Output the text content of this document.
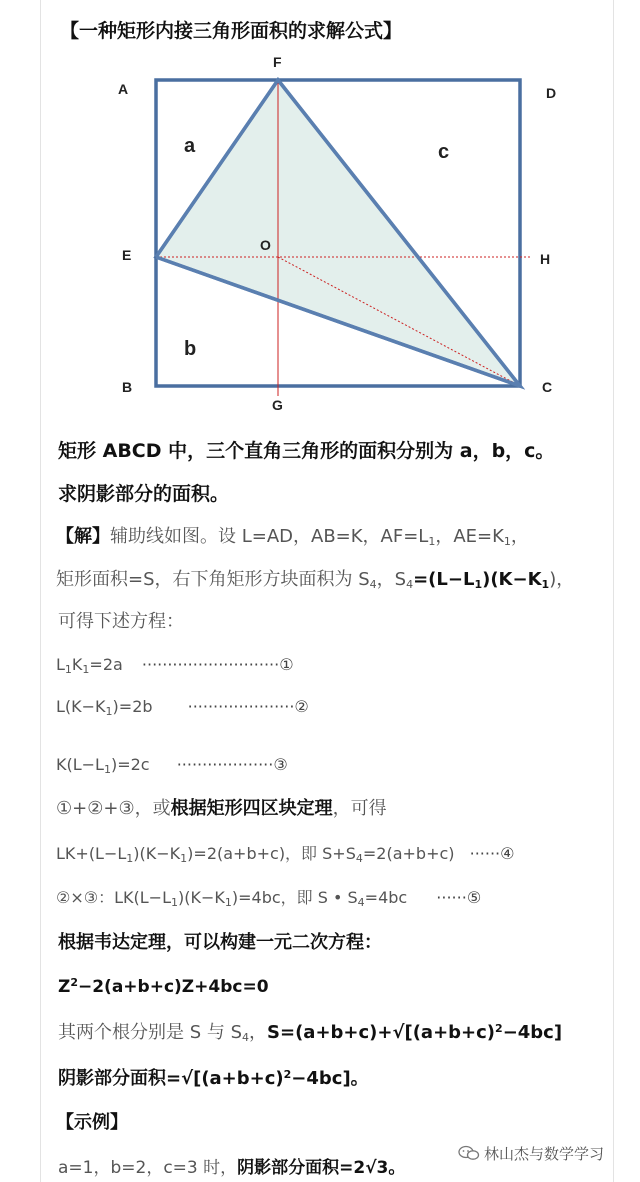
【一种矩形内接三角形面积的求解公式】
A
F
D
E
O
H
B
G
C
a	c
b
矩形 ABCD 中，三个直角三角形的面积分别为 a，b，c。
求阴影部分的面积。
【解】辅助线如图。设 L=AD，AB=K，$AF=L_1$，$AE=K_1$，
矩形面积=S，右下角矩形方块面积为 $S_4$，$S_4=(L-L_1)(K-K_1)$，
可得下述方程：
$L_1K_1=2a$ ···························①
$L(K-K_1)=2b$ ·····················②
$K(L-L_1)=2c$ ···················③
①+②+③，或根据矩形四区块定理，可得
$LK+(L-L_1)(K-K_1)=2(a+b+c)$，即 $S+S_4=2(a+b+c)$ ······④
②×③：$LK(L-L_1)(K-K_1)=4bc$，即 S • $S_4=4bc$ ······⑤
根据韦达定理，可以构建一元二次方程：
$Z^2-2(a+b+c)Z+4bc=0$
其两个根分别是 S 与 $S_4$，$S=(a+b+c)+√[(a+b+c)^2-4bc]$
阴影部分面积$=√[(a+b+c)^2-4bc]$。
【示例】
a=1，b=2，c=3 时，阴影部分面积=2√3。
林山杰与数学学习
